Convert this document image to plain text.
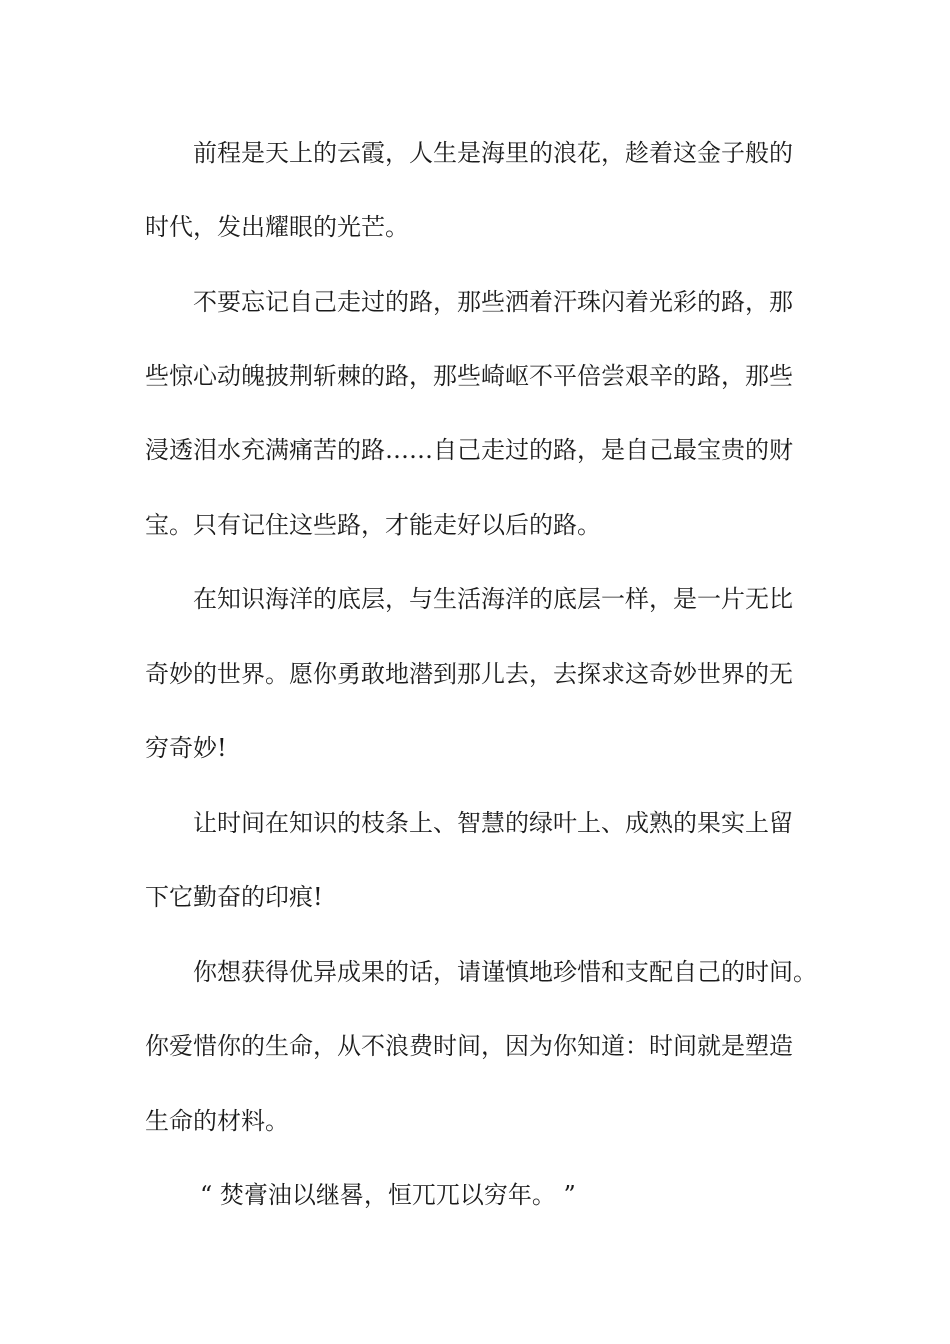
前程是天上的云霞，人生是海里的浪花，趁着这金子般的
时代，发出耀眼的光芒。
不要忘记自己走过的路，那些洒着汗珠闪着光彩的路，那
些惊心动魄披荆斩棘的路，那些崎岖不平倍尝艰辛的路，那些
浸透泪水充满痛苦的路……自己走过的路，是自己最宝贵的财
宝。只有记住这些路，才能走好以后的路。
在知识海洋的底层，与生活海洋的底层一样，是一片无比
奇妙的世界。愿你勇敢地潜到那儿去，去探求这奇妙世界的无
穷奇妙!
让时间在知识的枝条上、智慧的绿叶上、成熟的果实上留
下它勤奋的印痕!
你想获得优异成果的话，请谨慎地珍惜和支配自己的时间。
你爱惜你的生命，从不浪费时间，因为你知道：时间就是塑造
生命的材料。
“ 焚膏油以继晷，恒兀兀以穷年。 ”
